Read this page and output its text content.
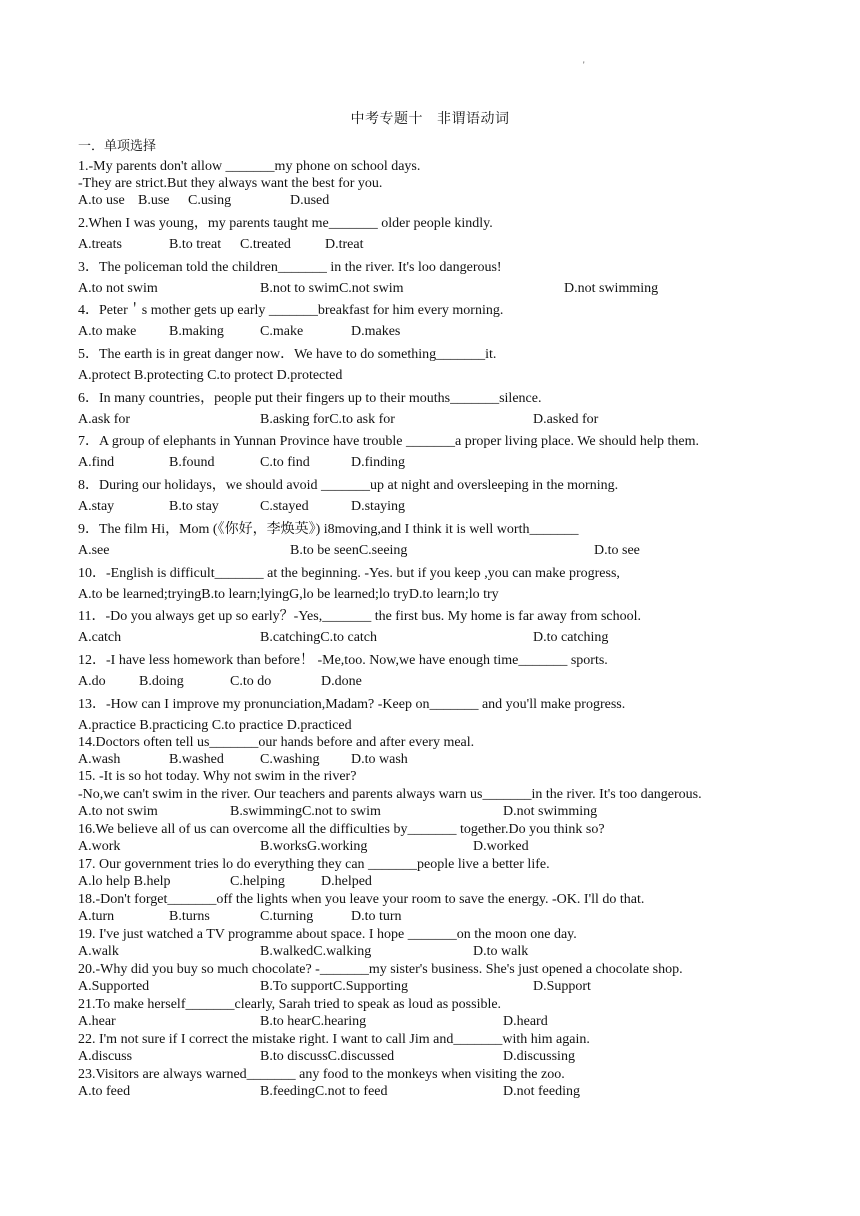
'
中考专题十 非谓语动词
一．单项选择
1.-My parents don't allow _______my phone on school days.
-They are strict.But they always want the best for you.
A.to use B.use C.using	D.used
2.When I was young，my parents taught me_______ older people kindly.
A.treats	B.to treat C.treated D.treat
3．The policeman told the children_______ in the river. It's loo dangerous!
A.to not swim	B.not to swimC.not swim	D.not swimming
4．Peter＇s mother gets up early _______breakfast for him every morning.
A.to make B.making	C.make	D.makes
5．The earth is in great danger now．We have to do something_______it.
A.protect B.protecting C.to protect D.protected
6．In many countries，people put their fingers up to their mouths_______silence.
A.ask for	B.asking forC.to ask for	D.asked for
7．A group of elephants in Yunnan Province have trouble _______a proper living place. We should help them.
A.find	B.found	C.to find	D.finding
8．During our holidays，we should avoid _______up at night and oversleeping in the morning.
A.stay	B.to stay	C.stayed	D.staying
9．The film Hi，Mom (《你好，李焕英》) i8moving,and I think it is well worth_______
A.see	B.to be seenC.seeing	D.to see
10．-English is difficult_______ at the beginning. -Yes. but if you keep ,you can make progress,
A.to be learned;tryingB.to learn;lyingG,lo be learned;lo tryD.to learn;lo try
11．-Do you always get up so early？-Yes,_______ the first bus. My home is far away from school.
A.catch	B.catchingC.to catch	D.to catching
12．-I have less homework than before！ -Me,too. Now,we have enough time_______ sports.
A.do B.doing	C.to do	D.done
13．-How can I improve my pronunciation,Madam? -Keep on_______ and you'll make progress.
A.practice B.practicing C.to practice D.practiced
14.Doctors often tell us_______our hands before and after every meal.
A.wash	B.washed	C.washing D.to wash
15. -It is so hot today. Why not swim in the river?
-No,we can't swim in the river. Our teachers and parents always warn us_______in the river. It's too dangerous.
A.to not swim	B.swimmingC.not to swim	D.not swimming
16.We believe all of us can overcome all the difficulties by_______ together.Do you think so?
A.work	B.worksG.working	D.worked
17. Our government tries lo do everything they can _______people live a better life.
A.lo help B.help	C.helping	D.helped
18.-Don't forget_______off the lights when you leave your room to save the energy. -OK. I'll do that.
A.turn	B.turns	C.turning	D.to turn
19. I've just watched a TV programme about space. I hope _______on the moon one day.
A.walk	B.walkedC.walking	D.to walk
20.-Why did you buy so much chocolate? -_______my sister's business. She's just opened a chocolate shop.
A.Supported	B.To supportC.Supporting	D.Support
21.To make herself_______clearly, Sarah tried to speak as loud as possible.
A.hear	B.to hearC.hearing	D.heard
22. I'm not sure if I correct the mistake right. I want to call Jim and_______with him again.
A.discuss	B.to discussC.discussed	D.discussing
23.Visitors are always warned_______ any food to the monkeys when visiting the zoo.
A.to feed	B.feedingC.not to feed	D.not feeding
